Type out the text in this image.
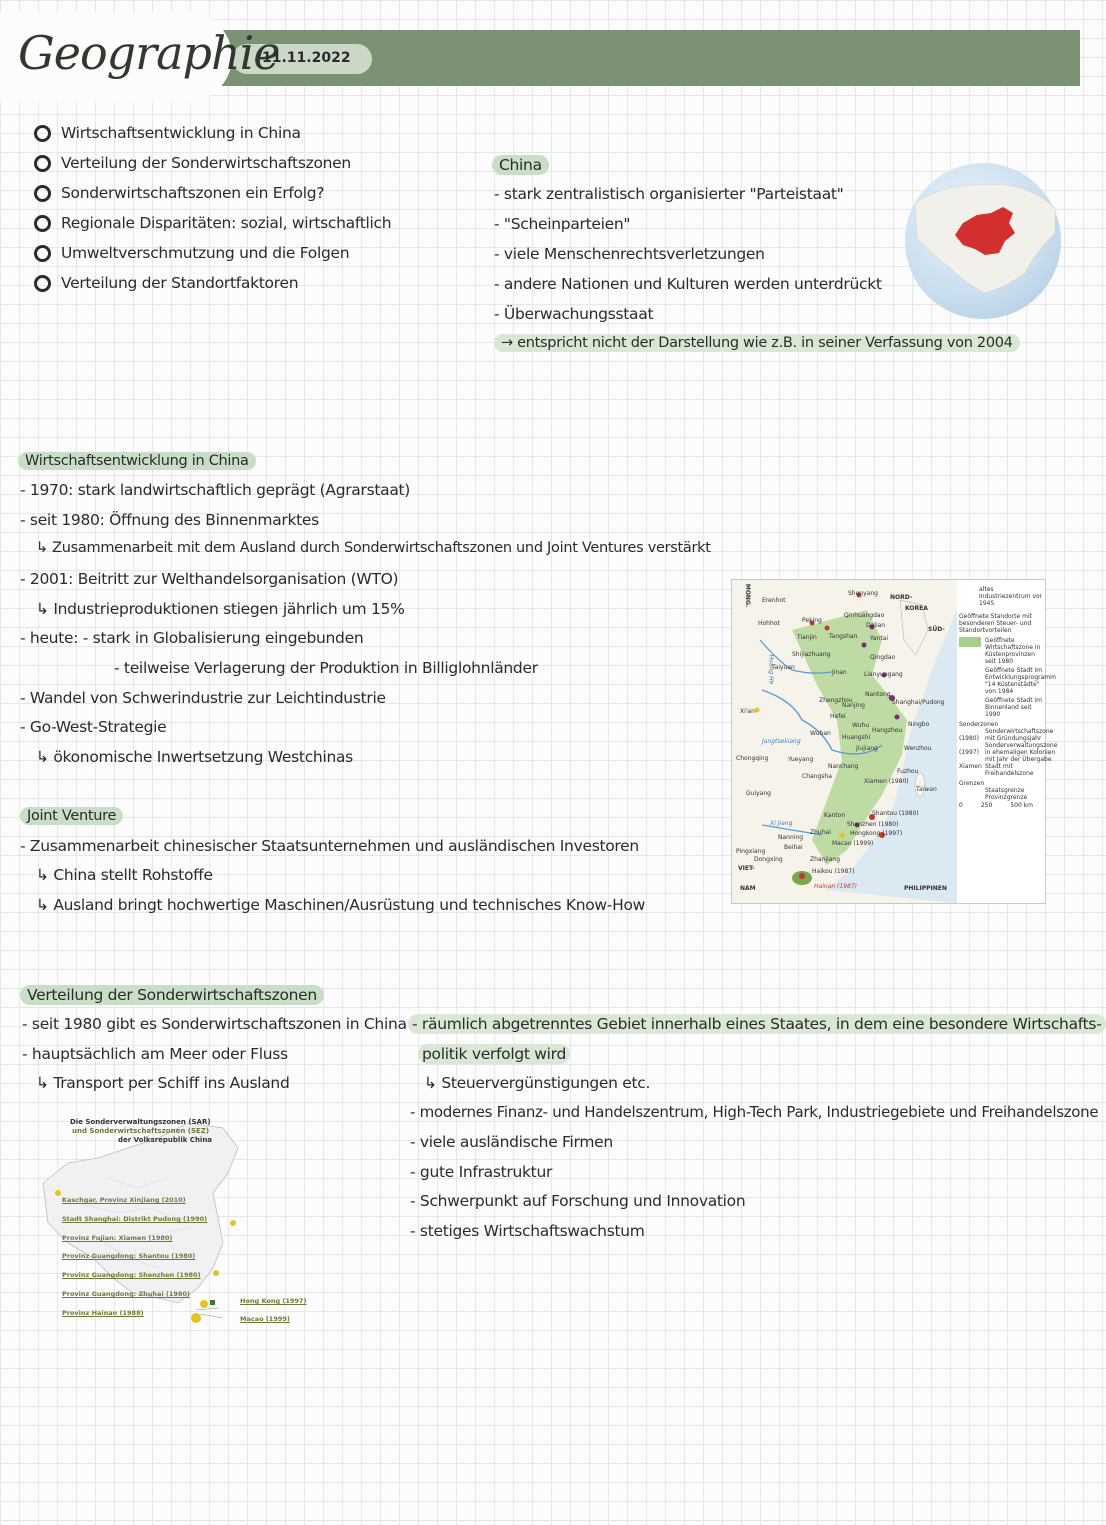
Geographie
11.11.2022
Wirtschaftsentwicklung in China
Verteilung der Sonderwirtschaftszonen
Sonderwirtschaftszonen ein Erfolg?
Regionale Disparitäten: sozial, wirtschaftlich
Umweltverschmutzung und die Folgen
Verteilung der Standortfaktoren
China
- stark zentralistisch organisierter "Parteistaat"
- "Scheinparteien"
- viele Menschenrechtsverletzungen
- andere Nationen und Kulturen werden unterdrückt
- Überwachungsstaat
→ entspricht nicht der Darstellung wie z.B. in seiner Verfassung von 2004
Wirtschaftsentwicklung in China
- 1970: stark landwirtschaftlich geprägt (Agrarstaat)
- seit 1980: Öffnung des Binnenmarktes
↳ Zusammenarbeit mit dem Ausland durch Sonderwirtschaftszonen und Joint Ventures verstärkt
- 2001: Beitritt zur Welthandelsorganisation (WTO)
↳ Industrieproduktionen stiegen jährlich um 15%
- heute: - stark in Globalisierung eingebunden
- teilweise Verlagerung der Produktion in Billiglohnländer
- Wandel von Schwerindustrie zur Leichtindustrie
- Go-West-Strategie
↳ ökonomische Inwertsetzung Westchinas
MONG.	NORD-
KOREA
SÜD-
Taiwan
VIET-
NAM	PHILIPPINEN
Huang He
Jangtsekiang
Xi Jiang
Erenhot
Hohhot	Peking
Tianjin Tangshan
Shijiazhuang
Taiyuan
Qinhuangdao
Dalian
Yantai
Qingdao
Lianyungang
Shenyang
Zhengzhou
Xi'an
Jinan
Nantong
Nanjing	Shanghai/Pudong
Hefei
Wuhu
Hangzhou
Ningbo
Wuhan
Huangshi
Jiujiang	Wenzhou
Chongqing	Yueyang
Changsha
Nanchang
Fuzhou
Guiyang
Xiamen (1980)
Shantou (1980)
Kanton
Shenzhen (1980)
Hongkong (1997)
Zhuhai
Macao (1999)
Nanning
Beihai
Pingxiang
Dongxing	Zhanjiang
Haikou (1987)
Hainan (1987)
altes Industriezentrum vor 1945
Geöffnete Standorte mit besonderen Steuer- und Standortvorteilen
Geöffnete Wirtschaftszone in Küstenprovinzen seit 1980
Geöffnete Stadt im Entwicklungsprogramm "14 Küstenstädte" von 1984
Geöffnete Stadt im Binnenland seit 1990
Sonderzonen
(1980)
Sonderwirtschaftszone mit Gründungsjahr
(1997)
Sonderverwaltungszone in ehemaligen Kolonien mit Jahr der Übergabe
Xiamen Stadt mit Freihandelszone
Grenzen
Staatsgrenze
Provinzgrenze
0	250	500 km
Joint Venture
- Zusammenarbeit chinesischer Staatsunternehmen und ausländischen Investoren
↳ China stellt Rohstoffe
↳ Ausland bringt hochwertige Maschinen/Ausrüstung und technisches Know-How
Verteilung der Sonderwirtschaftszonen
- seit 1980 gibt es Sonderwirtschaftszonen in China
- hauptsächlich am Meer oder Fluss
↳ Transport per Schiff ins Ausland
- räumlich abgetrenntes Gebiet innerhalb eines Staates, in dem eine besondere Wirtschafts-
politik verfolgt wird
↳ Steuervergünstigungen etc.
- modernes Finanz- und Handelszentrum, High-Tech Park, Industriegebiete und Freihandelszone
- viele ausländische Firmen
- gute Infrastruktur
- Schwerpunkt auf Forschung und Innovation
- stetiges Wirtschaftswachstum
Die Sonderverwaltungszonen (SAR)
und Sonderwirtschaftszonen (SEZ)
der Volksrepublik China
Kaschgar, Provinz Xinjiang (2010)
Stadt Shanghai: Distrikt Pudong (1990)
Provinz Fujian: Xiamen (1980)
Provinz Guangdong: Shantou (1980)
Provinz Guangdong: Shenzhen (1980)
Provinz Guangdong: Zhuhai (1980)
Provinz Hainan (1988)
Hong Kong (1997)
Macao (1999)
